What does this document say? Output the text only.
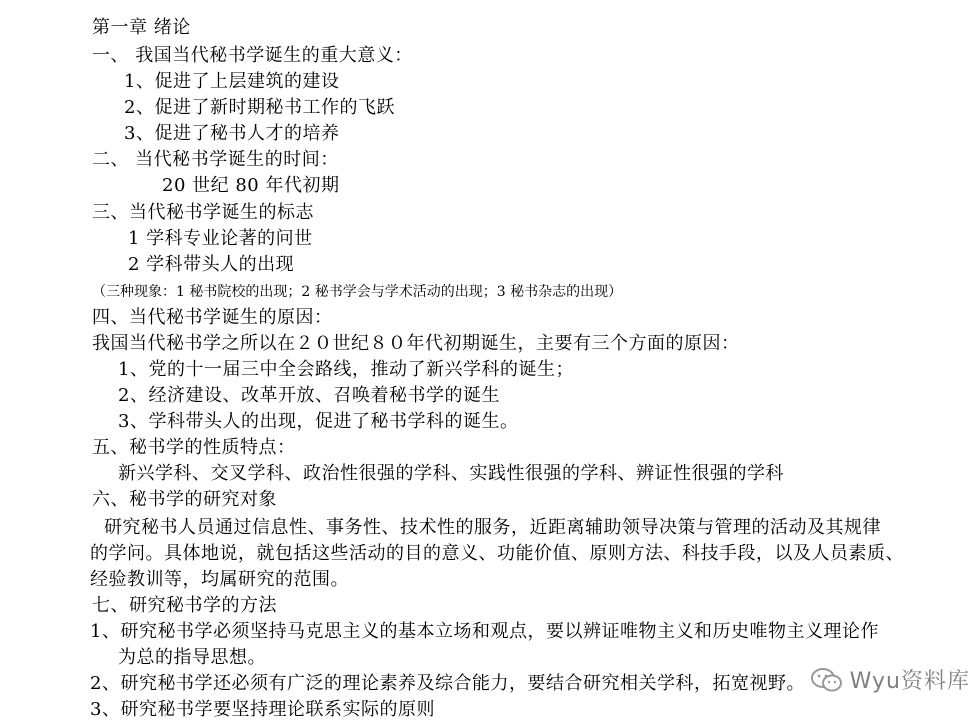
第一章 绪论
一、 我国当代秘书学诞生的重大意义：
1、促进了上层建筑的建设
2、促进了新时期秘书工作的飞跃
3、促进了秘书人才的培养
二、 当代秘书学诞生的时间：
20 世纪 80 年代初期
三、当代秘书学诞生的标志
1 学科专业论著的问世
2 学科带头人的出现
（三种现象：1 秘书院校的出现；2 秘书学会与学术活动的出现；3 秘书杂志的出现）
四、当代秘书学诞生的原因：
我国当代秘书学之所以在２０世纪８０年代初期诞生，主要有三个方面的原因：
1、党的十一届三中全会路线，推动了新兴学科的诞生；
2、经济建设、改革开放、召唤着秘书学的诞生
3、学科带头人的出现，促进了秘书学科的诞生。
五、秘书学的性质特点：
新兴学科、交叉学科、政治性很强的学科、实践性很强的学科、辨证性很强的学科
六、秘书学的研究对象
研究秘书人员通过信息性、事务性、技术性的服务，近距离辅助领导决策与管理的活动及其规律
的学问。具体地说，就包括这些活动的目的意义、功能价值、原则方法、科技手段，以及人员素质、
经验教训等，均属研究的范围。
七、研究秘书学的方法
1、研究秘书学必须坚持马克思主义的基本立场和观点，要以辨证唯物主义和历史唯物主义理论作
为总的指导思想。
2、研究秘书学还必须有广泛的理论素养及综合能力，要结合研究相关学科，拓宽视野。
3、研究秘书学要坚持理论联系实际的原则
Wyu资料库
